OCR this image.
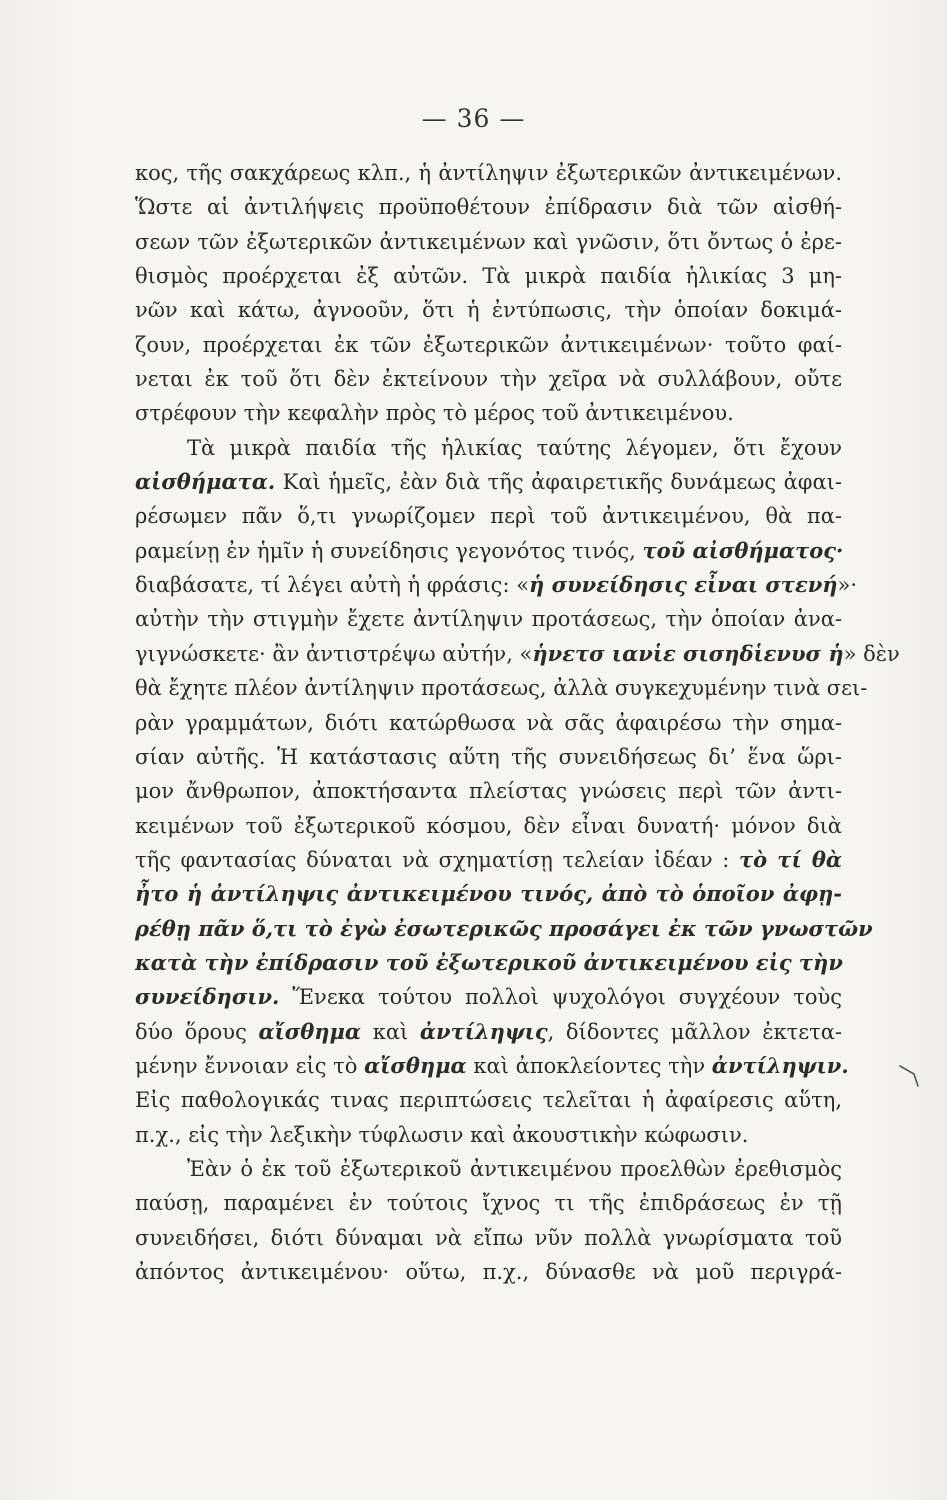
— 36 —
κος, τῆς σακχάρεως κλπ., ἡ ἀντίληψιν ἐξωτερικῶν ἀντικειμένων.
Ὥστε αἱ ἀντιλήψεις προϋποθέτουν ἐπίδρασιν διὰ τῶν αἰσθή-
σεων τῶν ἐξωτερικῶν ἀντικειμένων καὶ γνῶσιν, ὅτι ὄντως ὁ ἐρε-
θισμὸς προέρχεται ἐξ αὐτῶν. Τὰ μικρὰ παιδία ἡλικίας 3 μη-
νῶν καὶ κάτω, ἀγνοοῦν, ὅτι ἡ ἐντύπωσις, τὴν ὁποίαν δοκιμά-
ζουν, προέρχεται ἐκ τῶν ἐξωτερικῶν ἀντικειμένων· τοῦτο φαί-
νεται ἐκ τοῦ ὅτι δὲν ἐκτείνουν τὴν χεῖρα νὰ συλλάβουν, οὔτε
στρέφουν τὴν κεφαλὴν πρὸς τὸ μέρος τοῦ ἀντικειμένου.
Τὰ μικρὰ παιδία τῆς ἡλικίας ταύτης λέγομεν, ὅτι ἔχουν
αἰσθήματα. Καὶ ἡμεῖς, ἐὰν διὰ τῆς ἀφαιρετικῆς δυνάμεως ἀφαι-
ρέσωμεν πᾶν ὅ,τι γνωρίζομεν περὶ τοῦ ἀντικειμένου, θὰ πα-
ραμείνῃ ἐν ἡμῖν ἡ συνείδησις γεγονότος τινός, τοῦ αἰσθήματος·
διαβάσατε, τί λέγει αὐτὴ ἡ φράσις: «ἡ συνείδησις εἶναι στενή»·
αὐτὴν τὴν στιγμὴν ἔχετε ἀντίληψιν προτάσεως, τὴν ὁποίαν ἀνα-
γιγνώσκετε· ἂν ἀντιστρέψω αὐτήν, «ἡνετσ ιανἱε σισηδἱενυσ ἡ» δὲν
θὰ ἔχητε πλέον ἀντίληψιν προτάσεως, ἀλλὰ συγκεχυμένην τινὰ σει-
ρὰν γραμμάτων, διότι κατώρθωσα νὰ σᾶς ἀφαιρέσω τὴν σημα-
σίαν αὐτῆς. Ἡ κατάστασις αὕτη τῆς συνειδήσεως δι’ ἕνα ὥρι-
μον ἄνθρωπον, ἀποκτήσαντα πλείστας γνώσεις περὶ τῶν ἀντι-
κειμένων τοῦ ἐξωτερικοῦ κόσμου, δὲν εἶναι δυνατή· μόνον διὰ
τῆς φαντασίας δύναται νὰ σχηματίσῃ τελείαν ἰδέαν : τὸ τί θὰ
ἦτο ἡ ἀντίληψις ἀντικειμένου τινός, ἀπὸ τὸ ὁποῖον ἀφῃ-
ρέθῃ πᾶν ὅ,τι τὸ ἐγὼ ἐσωτερικῶς προσάγει ἐκ τῶν γνωστῶν
κατὰ τὴν ἐπίδρασιν τοῦ ἐξωτερικοῦ ἀντικειμένου εἰς τὴν
συνείδησιν. Ἕνεκα τούτου πολλοὶ ψυχολόγοι συγχέουν τοὺς
δύο ὅρους αἴσθημα καὶ ἀντίληψις, δίδοντες μᾶλλον ἐκτετα-
μένην ἔννοιαν εἰς τὸ αἴσθημα καὶ ἀποκλείοντες τὴν ἀντίληψιν.
Εἰς παθολογικάς τινας περιπτώσεις τελεῖται ἡ ἀφαίρεσις αὕτη,
π.χ., εἰς τὴν λεξικὴν τύφλωσιν καὶ ἀκουστικὴν κώφωσιν.
Ἐὰν ὁ ἐκ τοῦ ἐξωτερικοῦ ἀντικειμένου προελθὼν ἐρεθισμὸς
παύσῃ, παραμένει ἐν τούτοις ἴχνος τι τῆς ἐπιδράσεως ἐν τῇ
συνειδήσει, διότι δύναμαι νὰ εἴπω νῦν πολλὰ γνωρίσματα τοῦ
ἀπόντος ἀντικειμένου· οὕτω, π.χ., δύνασθε νὰ μοῦ περιγρά-
